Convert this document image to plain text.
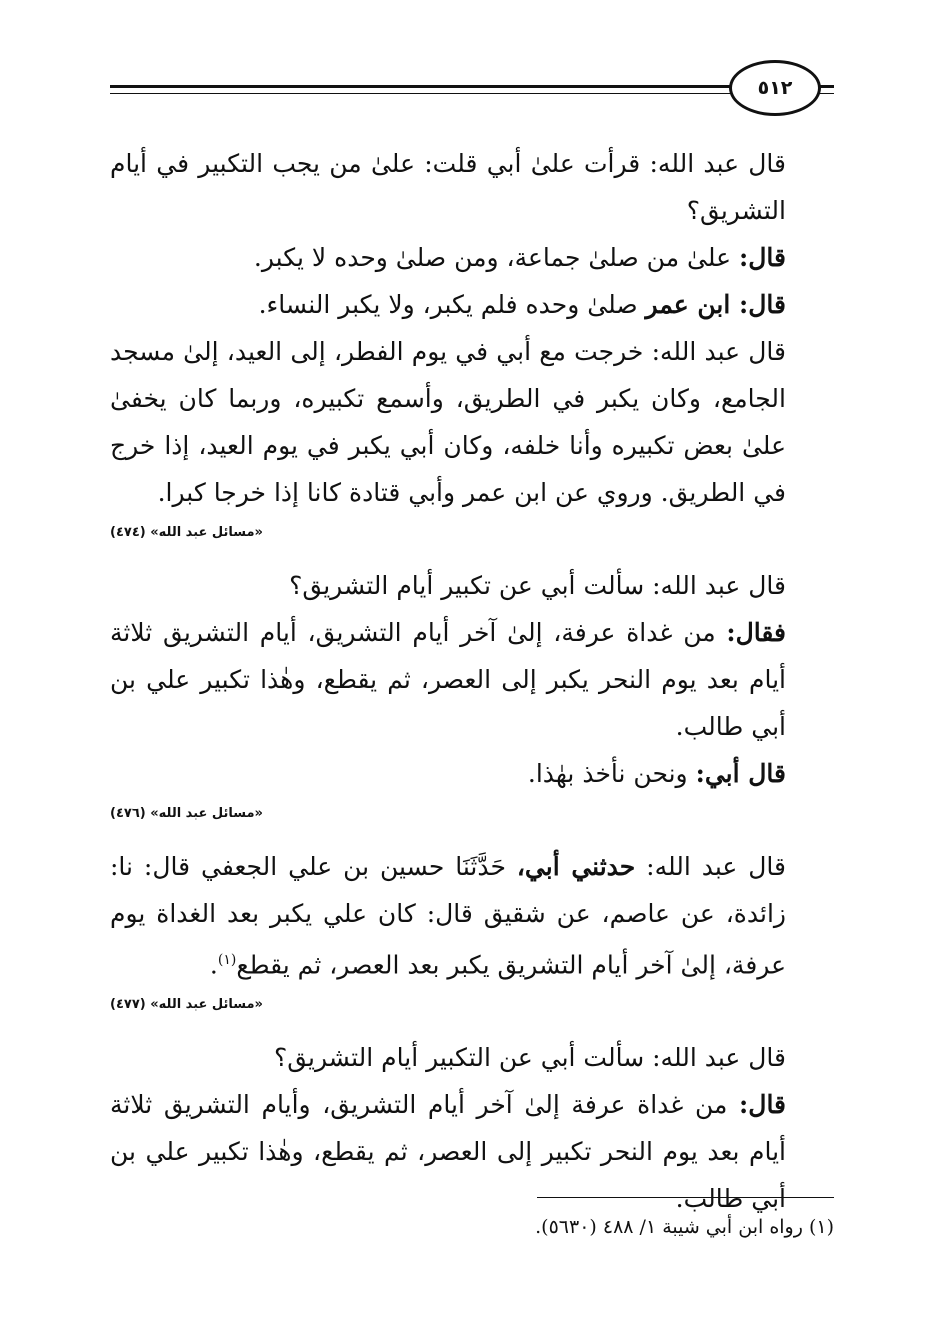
٥١٢

قال عبد الله: قرأت علىٰ أبي قلت: علىٰ من يجب التكبير في أيام التشريق؟

قال: علىٰ من صلىٰ جماعة، ومن صلىٰ وحده لا يكبر.

قال: ابن عمر صلىٰ وحده فلم يكبر، ولا يكبر النساء.

قال عبد الله: خرجت مع أبي في يوم الفطر، إلى العيد، إلىٰ مسجد الجامع، وكان يكبر في الطريق، وأسمع تكبيره، وربما كان يخفىٰ علىٰ بعض تكبيره وأنا خلفه، وكان أبي يكبر في يوم العيد، إذا خرج في الطريق. وروي عن ابن عمر وأبي قتادة كانا إذا خرجا كبرا.

«مسائل عبد الله» (٤٧٤)

قال عبد الله: سألت أبي عن تكبير أيام التشريق؟

فقال: من غداة عرفة، إلىٰ آخر أيام التشريق، أيام التشريق ثلاثة أيام بعد يوم النحر يكبر إلى العصر، ثم يقطع، وهٰذا تكبير علي بن أبي طالب.

قال أبي: ونحن نأخذ بهٰذا.

«مسائل عبد الله» (٤٧٦)

قال عبد الله: حدثني أبي، حَدَّثَنَا حسين بن علي الجعفي قال: نا: زائدة، عن عاصم، عن شقيق قال: كان علي يكبر بعد الغداة يوم عرفة، إلىٰ آخر أيام التشريق يكبر بعد العصر، ثم يقطع$^{(١)}$.

«مسائل عبد الله» (٤٧٧)

قال عبد الله: سألت أبي عن التكبير أيام التشريق؟

قال: من غداة عرفة إلىٰ آخر أيام التشريق، وأيام التشريق ثلاثة أيام بعد يوم النحر تكبير إلى العصر، ثم يقطع، وهٰذا تكبير علي بن أبي طالب.

(١) رواه ابن أبي شيبة ١/ ٤٨٨ (٥٦٣٠).
